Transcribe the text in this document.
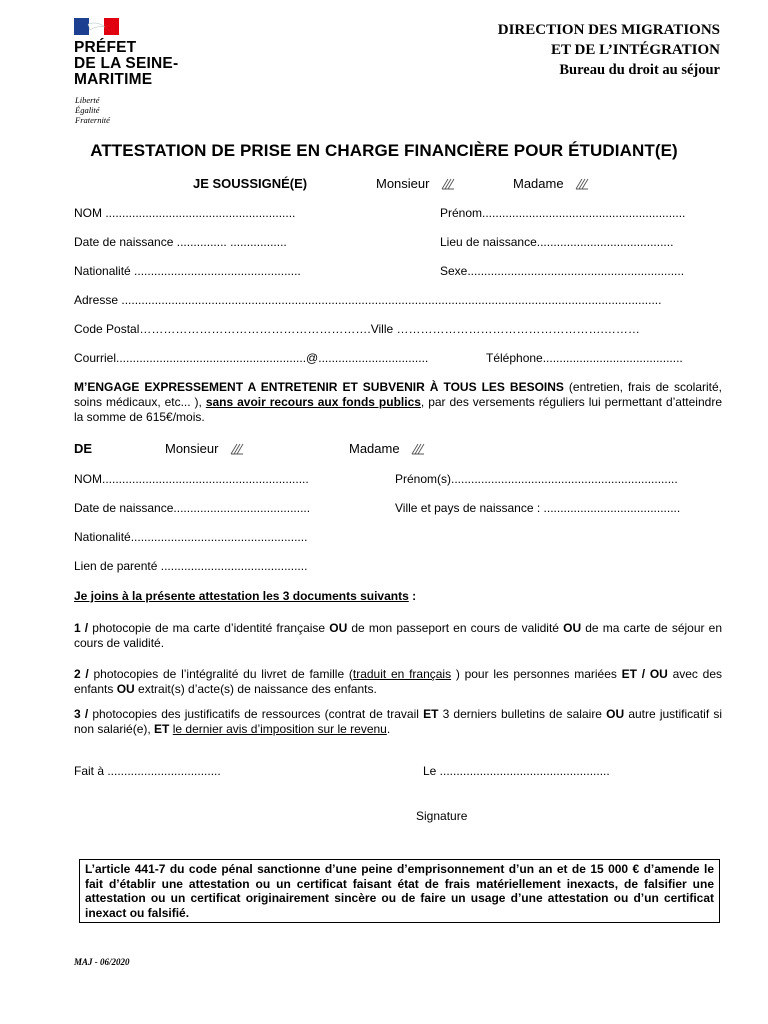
PRÉFET
DE LA SEINE-
MARITIME
Liberté
Égalité
Fraternité
DIRECTION DES MIGRATIONS
ET DE L’INTÉGRATION
Bureau du droit au séjour
ATTESTATION DE PRISE EN CHARGE FINANCIÈRE POUR ÉTUDIANT(E)
JE SOUSSIGNÉ(E)	Monsieur	Madame
NOM .........................................................	Prénom.............................................................
Date de naissance ............... .................	Lieu de naissance.........................................
Nationalité ..................................................	Sexe.................................................................
Adresse ..................................................................................................................................................................
Code Postal………………………………………………….Ville …………………………………………….………
Courriel.........................................................@.................................	Téléphone..........................................
M’ENGAGE EXPRESSEMENT A ENTRETENIR ET SUBVENIR À TOUS LES BESOINS (entretien, frais de scolarité, soins médicaux, etc... ), sans avoir recours aux fonds publics, par des versements réguliers lui permettant d’atteindre la somme de 615€/mois.
DE	Monsieur	Madame
NOM..............................................................	Prénom(s)....................................................................
Date de naissance.........................................	Ville et pays de naissance : .........................................
Nationalité.....................................................
Lien de parenté ............................................
Je joins à la présente attestation les 3 documents suivants :
1 / photocopie de ma carte d’identité française OU de mon passeport en cours de validité OU de ma carte de séjour en cours de validité.
2 / photocopies de l’intégralité du livret de famille (traduit en français ) pour les personnes mariées ET / OU avec des enfants OU extrait(s) d’acte(s) de naissance des enfants.
3 / photocopies des justificatifs de ressources (contrat de travail ET 3 derniers bulletins de salaire OU autre justificatif si non salarié(e), ET le dernier avis d’imposition sur le revenu.
Fait à ..................................	Le ...................................................
Signature
L’article 441-7 du code pénal sanctionne d’une peine d’emprisonnement d’un an et de 15 000 € d’amende le fait d’établir une attestation ou un certificat faisant état de frais matériellement inexacts, de falsifier une attestation ou un certificat originairement sincère ou de faire un usage d’une attestation ou d’un certificat inexact ou falsifié.
MAJ - 06/2020
